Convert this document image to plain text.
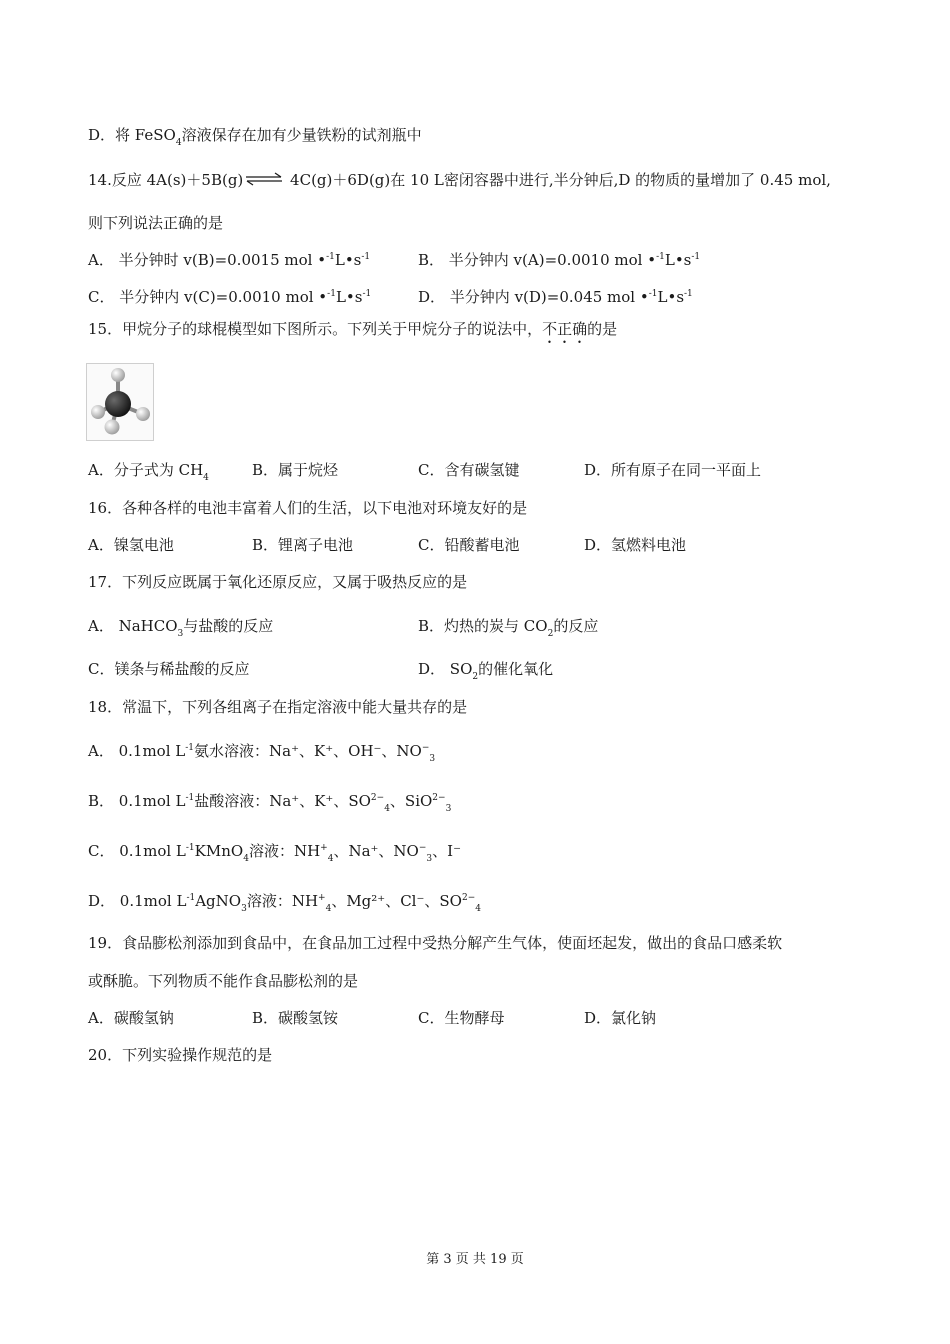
D．将 FeSO$_4$溶液保存在加有少量铁粉的试剂瓶中
14.反应 4A(s)＋5B(g) ⇌ 4C(g)＋6D(g)在 10 L密闭容器中进行,半分钟后,D 的物质的量增加了 0.45 mol,
则下列说法正确的是
A． 半分钟时 v(B)=0.0015 mol $•^{-1}L•s^{-1}$	B． 半分钟内 v(A)=0.0010 mol $•^{-1}L•s^{-1}$
C． 半分钟内 v(C)=0.0010 mol $•^{-1}L•s^{-1}$	D． 半分钟内 v(D)=0.045 mol $•^{-1}L•s^{-1}$
15．甲烷分子的球棍模型如下图所示。下列关于甲烷分子的说法中，不正确的是
A．分子式为 $CH_4$	B．属于烷烃	C．含有碳氢键	D．所有原子在同一平面上
16．各种各样的电池丰富着人们的生活，以下电池对环境友好的是
A．镍氢电池	B．锂离子电池	C．铅酸蓄电池	D．氢燃料电池
17．下列反应既属于氧化还原反应，又属于吸热反应的是
A． NaHCO$_3$与盐酸的反应	B．灼热的炭与 $CO_2$的反应
C．镁条与稀盐酸的反应	D． $SO_2$的催化氧化
18．常温下，下列各组离子在指定溶液中能大量共存的是
A． 0.1mol $L^{-1}$氨水溶液：Na⁺、K⁺、OH⁻、$NO^-_3$
B． 0.1mol $L^{-1}$盐酸溶液：Na⁺、K⁺、$SO^{2-}_4$、SiO$^{2-}_3$
C． 0.1mol $L^{-1}KMnO_4$溶液：$NH^+_4$、Na⁺、$NO^-_3$、I⁻
D． 0.1mol $L^{-1}AgNO_3$溶液：$NH^+_4$、Mg²⁺、Cl⁻、$SO^{2-}_4$
19．食品膨松剂添加到食品中，在食品加工过程中受热分解产生气体，使面坯起发，做出的食品口感柔软
或酥脆。下列物质不能作食品膨松剂的是
A．碳酸氢钠	B．碳酸氢铵	C．生物酵母	D．氯化钠
20．下列实验操作规范的是
第 3 页 共 19 页
